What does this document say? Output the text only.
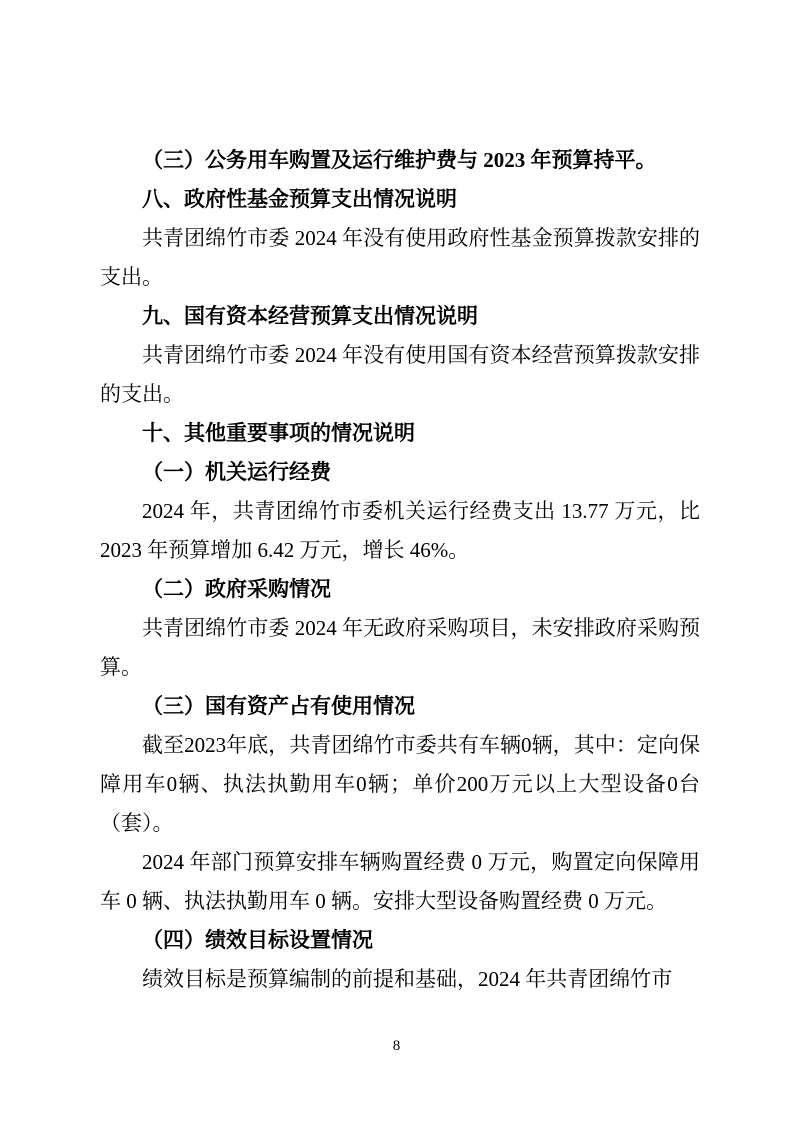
（三）公务用车购置及运行维护费与 2023 年预算持平。

八、政府性基金预算支出情况说明

共青团绵竹市委 2024 年没有使用政府性基金预算拨款安排的支出。

九、国有资本经营预算支出情况说明

共青团绵竹市委 2024 年没有使用国有资本经营预算拨款安排的支出。

十、其他重要事项的情况说明

（一）机关运行经费

2024 年，共青团绵竹市委机关运行经费支出 13.77 万元，比 2023 年预算增加 6.42 万元，增长 46%。

（二）政府采购情况

共青团绵竹市委 2024 年无政府采购项目，未安排政府采购预算。

（三）国有资产占有使用情况

截至2023年底，共青团绵竹市委共有车辆0辆，其中：定向保障用车0辆、执法执勤用车0辆；单价200万元以上大型设备0台（套）。

2024 年部门预算安排车辆购置经费 0 万元，购置定向保障用车 0 辆、执法执勤用车 0 辆。安排大型设备购置经费 0 万元。

（四）绩效目标设置情况

绩效目标是预算编制的前提和基础，2024 年共青团绵竹市

8
